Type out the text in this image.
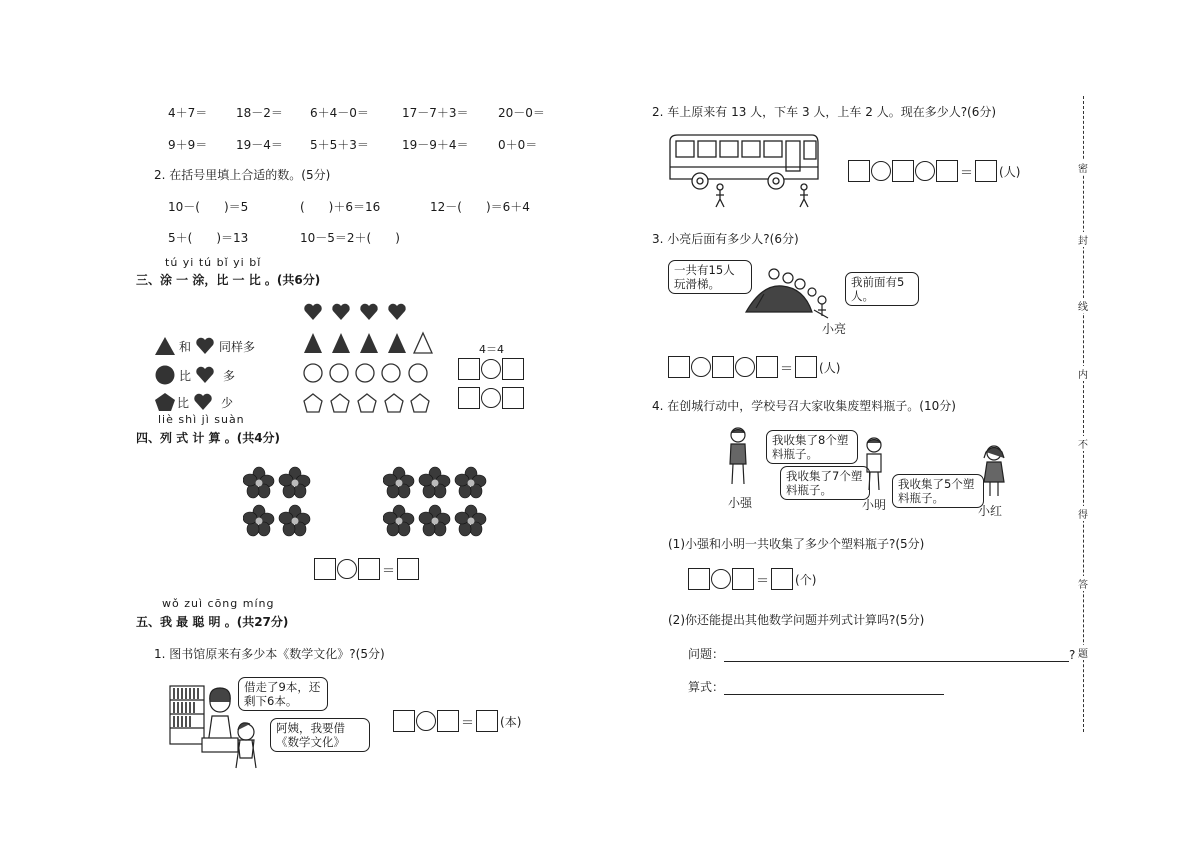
4＋7＝ 18－2＝ 6＋4－0＝	17－7＋3＝ 20－0＝
9＋9＝ 19－4＝ 5＋5＋3＝	19－9＋4＝ 0＋0＝
2. 在括号里填上合适的数。(5分)
10－(　　)＝5	(　　)＋6＝16	12－(　　)＝6＋4
5＋(　　)＝13	10－5＝2＋(　　)
tú yi tú bǐ yi bǐ
三、涂 一 涂，比 一 比 。(共6分)
和 同样多
比	多
比	少
4＝4
liè shì jì suàn
四、列 式 计 算 。(共4分)
＝
wǒ zuì cōng míng
五、我 最 聪 明 。(共27分)
1. 图书馆原来有多少本《数学文化》?(5分)
借走了9本，还剩下6本。
阿姨，我要借《数学文化》
＝ (本)
2. 车上原来有 13 人，下车 3 人，上车 2 人。现在多少人?(6分)
＝ (人)
3. 小亮后面有多少人?(6分)
一共有15人玩滑梯。	我前面有5人。
小亮
＝ (人)
4. 在创城行动中，学校号召大家收集废塑料瓶子。(10分)
我收集了8个塑料瓶子。
小强
我收集了7个塑料瓶子。
小明
我收集了5个塑料瓶子。
小红
(1)小强和小明一共收集了多少个塑料瓶子?(5分)
＝ (个)
(2)你还能提出其他数学问题并列式计算吗?(5分)
问题：	?
算式：
密
封
线
内
不
得
答
题
